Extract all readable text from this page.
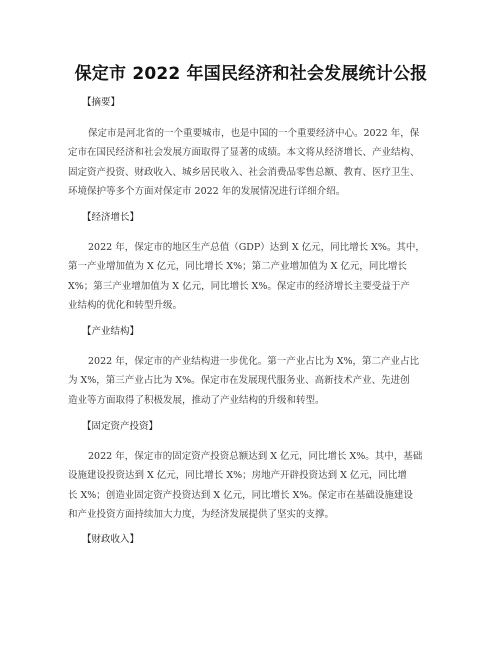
保定市 2022 年国民经济和社会发展统计公报
【摘要】
保定市是河北省的一个重要城市，也是中国的一个重要经济中心。2022 年，保
定市在国民经济和社会发展方面取得了显著的成绩。本文将从经济增长、产业结构、
固定资产投资、财政收入、城乡居民收入、社会消费品零售总额、教育、医疗卫生、
环境保护等多个方面对保定市 2022 年的发展情况进行详细介绍。
【经济增长】
2022 年，保定市的地区生产总值（GDP）达到 X 亿元，同比增长 X%。其中，
第一产业增加值为 X 亿元，同比增长 X%；第二产业增加值为 X 亿元，同比增长
X%；第三产业增加值为 X 亿元，同比增长 X%。保定市的经济增长主要受益于产
业结构的优化和转型升级。
【产业结构】
2022 年，保定市的产业结构进一步优化。第一产业占比为 X%，第二产业占比
为 X%，第三产业占比为 X%。保定市在发展现代服务业、高新技术产业、先进创
造业等方面取得了积极发展，推动了产业结构的升级和转型。
【固定资产投资】
2022 年，保定市的固定资产投资总额达到 X 亿元，同比增长 X%。其中，基础
设施建设投资达到 X 亿元，同比增长 X%；房地产开辟投资达到 X 亿元，同比增
长 X%；创造业固定资产投资达到 X 亿元，同比增长 X%。保定市在基础设施建设
和产业投资方面持续加大力度，为经济发展提供了坚实的支撑。
【财政收入】
